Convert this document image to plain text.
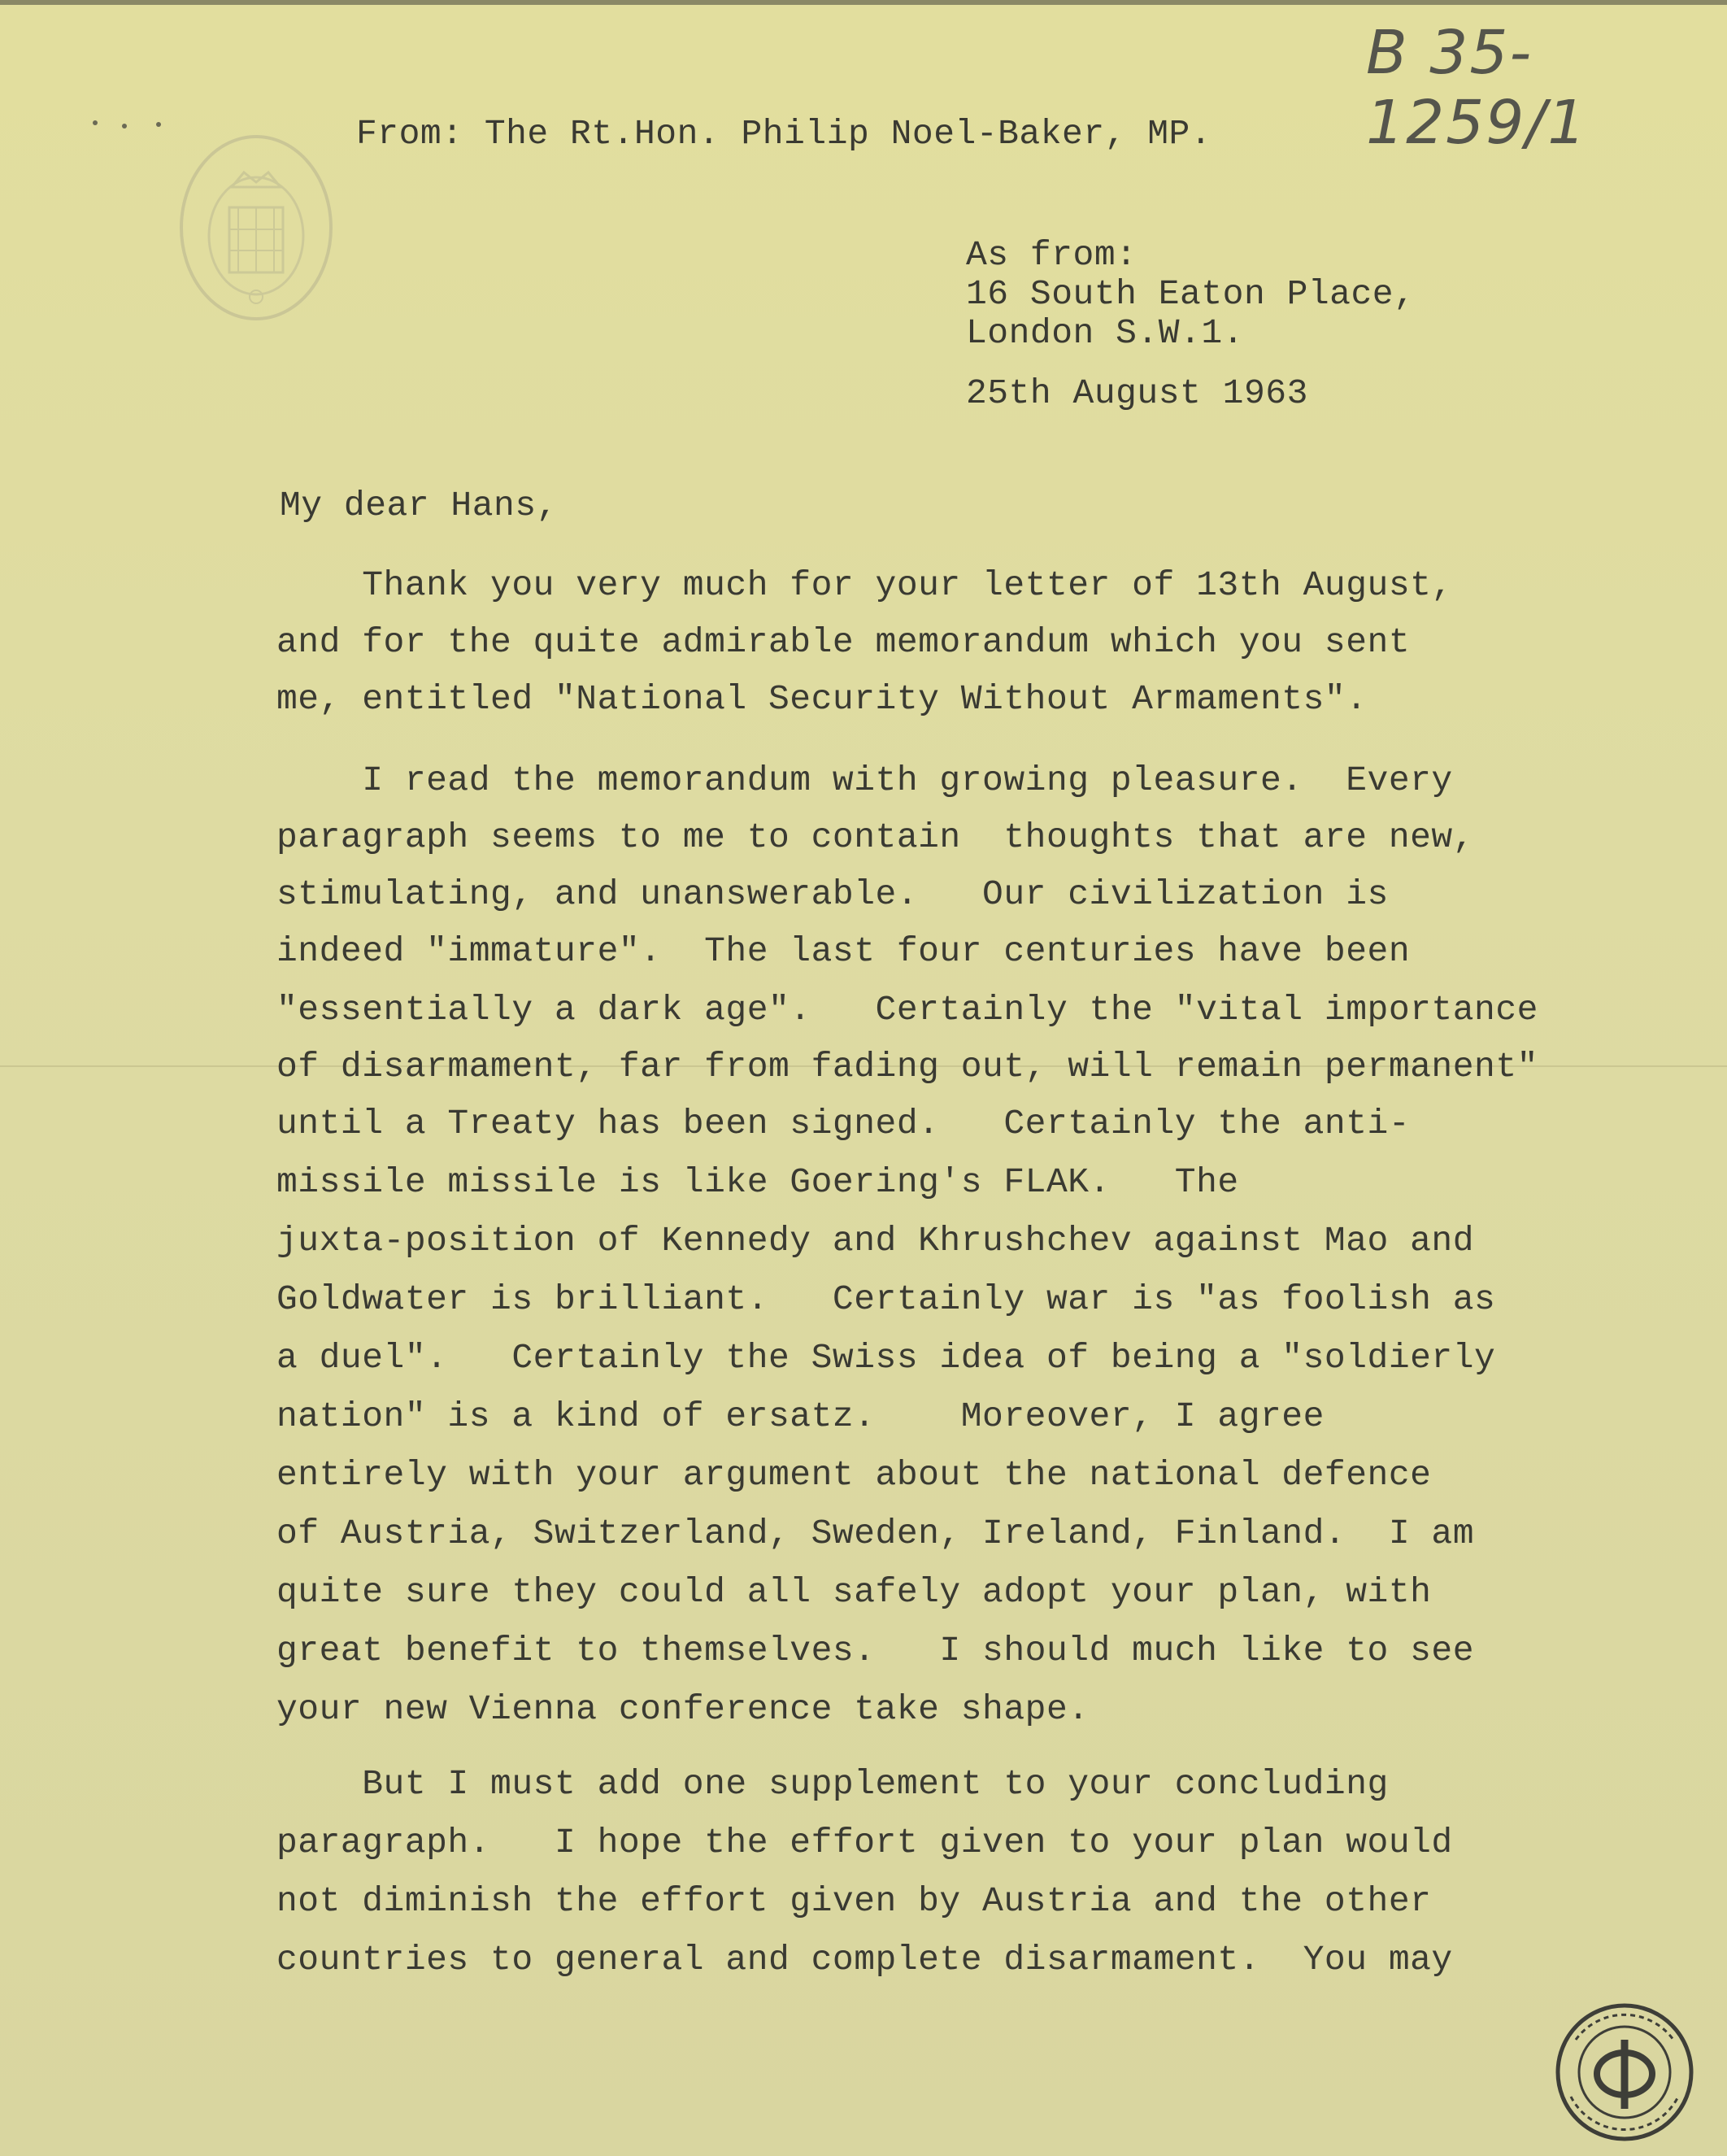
B 35- 1259/1
From: The Rt.Hon. Philip Noel-Baker, MP.
As from:
16 South Eaton Place,
London S.W.1.
25th August 1963
My dear Hans,
Thank you very much for your letter of 13th August,
and for the quite admirable memorandum which you sent
me, entitled "National Security Without Armaments".
I read the memorandum with growing pleasure.  Every
paragraph seems to me to contain  thoughts that are new,
stimulating, and unanswerable.   Our civilization is
indeed "immature".  The last four centuries have been
"essentially a dark age".   Certainly the "vital importance
of disarmament, far from fading out, will remain permanent"
until a Treaty has been signed.   Certainly the anti-
missile missile is like Goering's FLAK.   The
juxta-position of Kennedy and Khrushchev against Mao and
Goldwater is brilliant.   Certainly war is "as foolish as
a duel".   Certainly the Swiss idea of being a "soldierly
nation" is a kind of ersatz.    Moreover, I agree
entirely with your argument about the national defence
of Austria, Switzerland, Sweden, Ireland, Finland.  I am
quite sure they could all safely adopt your plan, with
great benefit to themselves.   I should much like to see
your new Vienna conference take shape.
But I must add one supplement to your concluding
paragraph.   I hope the effort given to your plan would
not diminish the effort given by Austria and the other
countries to general and complete disarmament.  You may
